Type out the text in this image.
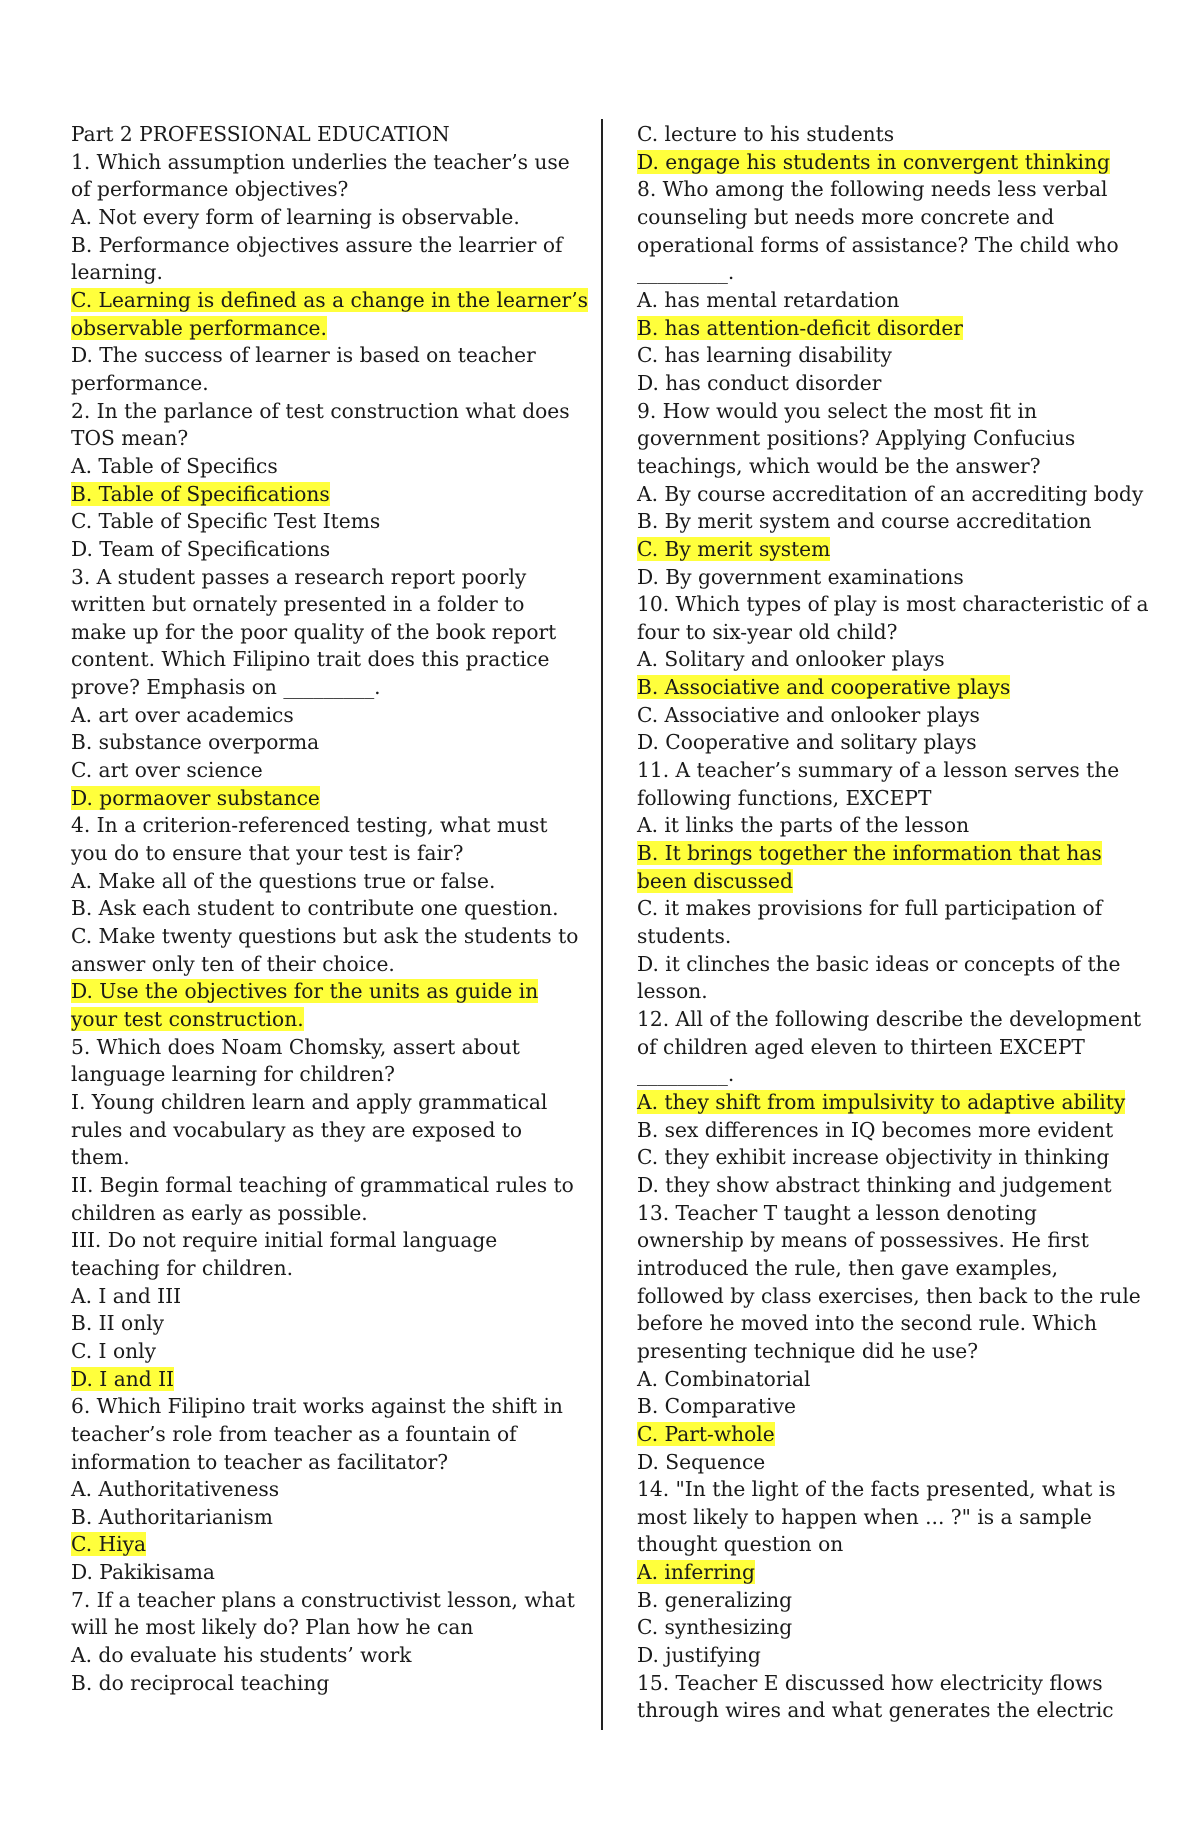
Part 2 PROFESSIONAL EDUCATION
1. Which assumption underlies the teacher’s use
of performance objectives?
A. Not every form of learning is observable.
B. Performance objectives assure the learrier of
learning.
C. Learning is defined as a change in the learner’s
observable performance.
D. The success of learner is based on teacher
performance.
2. In the parlance of test construction what does
TOS mean?
A. Table of Specifics
B. Table of Specifications
C. Table of Specific Test Items
D. Team of Specifications
3. A student passes a research report poorly
written but ornately presented in a folder to
make up for the poor quality of the book report
content. Which Filipino trait does this practice
prove? Emphasis on _________.
A. art over academics
B. substance overporma
C. art over science
D. pormaover substance
4. In a criterion-referenced testing, what must
you do to ensure that your test is fair?
A. Make all of the questions true or false.
B. Ask each student to contribute one question.
C. Make twenty questions but ask the students to
answer only ten of their choice.
D. Use the objectives for the units as guide in
your test construction.
5. Which does Noam Chomsky, assert about
language learning for children?
I. Young children learn and apply grammatical
rules and vocabulary as they are exposed to
them.
II. Begin formal teaching of grammatical rules to
children as early as possible.
III. Do not require initial formal language
teaching for children.
A. I and III
B. II only
C. I only
D. I and II
6. Which Filipino trait works against the shift in
teacher’s role from teacher as a fountain of
information to teacher as facilitator?
A. Authoritativeness
B. Authoritarianism
C. Hiya
D. Pakikisama
7. If a teacher plans a constructivist lesson, what
will he most likely do? Plan how he can
A. do evaluate his students’ work
B. do reciprocal teaching
C. lecture to his students
D. engage his students in convergent thinking
8. Who among the following needs less verbal
counseling but needs more concrete and
operational forms of assistance? The child who
_________.
A. has mental retardation
B. has attention-deficit disorder
C. has learning disability
D. has conduct disorder
9. How would you select the most fit in
government positions? Applying Confucius
teachings, which would be the answer?
A. By course accreditation of an accrediting body
B. By merit system and course accreditation
C. By merit system
D. By government examinations
10. Which types of play is most characteristic of a
four to six-year old child?
A. Solitary and onlooker plays
B. Associative and cooperative plays
C. Associative and onlooker plays
D. Cooperative and solitary plays
11. A teacher’s summary of a lesson serves the
following functions, EXCEPT
A. it links the parts of the lesson
B. It brings together the information that has
been discussed
C. it makes provisions for full participation of
students.
D. it clinches the basic ideas or concepts of the
lesson.
12. All of the following describe the development
of children aged eleven to thirteen EXCEPT
_________.
A. they shift from impulsivity to adaptive ability
B. sex differences in IQ becomes more evident
C. they exhibit increase objectivity in thinking
D. they show abstract thinking and judgement
13. Teacher T taught a lesson denoting
ownership by means of possessives. He first
introduced the rule, then gave examples,
followed by class exercises, then back to the rule
before he moved into the second rule. Which
presenting technique did he use?
A. Combinatorial
B. Comparative
C. Part-whole
D. Sequence
14. "In the light of the facts presented, what is
most likely to happen when ... ?" is a sample
thought question on
A. inferring
B. generalizing
C. synthesizing
D. justifying
15. Teacher E discussed how electricity flows
through wires and what generates the electric
